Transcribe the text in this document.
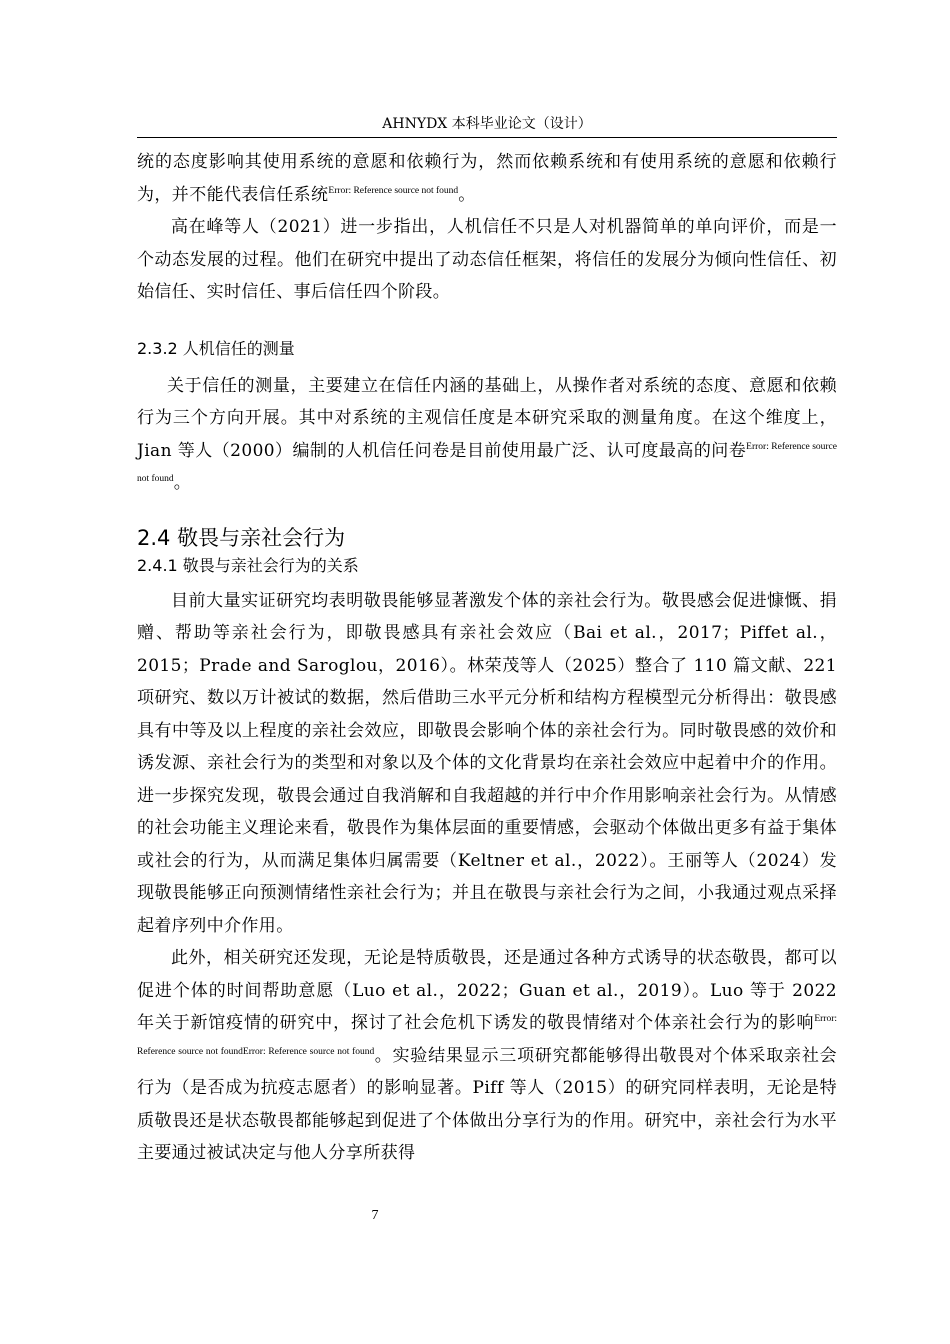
AHNYDX 本科毕业论文（设计）

统的态度影响其使用系统的意愿和依赖行为，然而依赖系统和有使用系统的意愿和依赖行为，并不能代表信任系统$^{Error: Reference source not found}$。

高在峰等人（2021）进一步指出，人机信任不只是人对机器简单的单向评价，而是一个动态发展的过程。他们在研究中提出了动态信任框架，将信任的发展分为倾向性信任、初始信任、实时信任、事后信任四个阶段。

2.3.2 人机信任的测量

关于信任的测量，主要建立在信任内涵的基础上，从操作者对系统的态度、意愿和依赖行为三个方向开展。其中对系统的主观信任度是本研究采取的测量角度。在这个维度上，Jian 等人（2000）编制的人机信任问卷是目前使用最广泛、认可度最高的问卷$^{Error: Reference source not found}$。

2.4 敬畏与亲社会行为
2.4.1 敬畏与亲社会行为的关系

目前大量实证研究均表明敬畏能够显著激发个体的亲社会行为。敬畏感会促进慷慨、捐赠、帮助等亲社会行为，即敬畏感具有亲社会效应（Bai et al.，2017；Piffet al.，2015；Prade and Saroglou，2016）。林荣茂等人（2025）整合了 110 篇文献、221 项研究、数以万计被试的数据，然后借助三水平元分析和结构方程模型元分析得出：敬畏感具有中等及以上程度的亲社会效应，即敬畏会影响个体的亲社会行为。同时敬畏感的效价和诱发源、亲社会行为的类型和对象以及个体的文化背景均在亲社会效应中起着中介的作用。进一步探究发现，敬畏会通过自我消解和自我超越的并行中介作用影响亲社会行为。从情感的社会功能主义理论来看，敬畏作为集体层面的重要情感，会驱动个体做出更多有益于集体或社会的行为，从而满足集体归属需要（Keltner et al.，2022）。王丽等人（2024）发现敬畏能够正向预测情绪性亲社会行为；并且在敬畏与亲社会行为之间，小我通过观点采择起着序列中介作用。

此外，相关研究还发现，无论是特质敬畏，还是通过各种方式诱导的状态敬畏，都可以促进个体的时间帮助意愿（Luo et al.，2022；Guan et al.，2019）。Luo 等于 2022 年关于新馆疫情的研究中，探讨了社会危机下诱发的敬畏情绪对个体亲社会行为的影响$^{Error: Reference source not foundError: Reference source not found}$。实验结果显示三项研究都能够得出敬畏对个体采取亲社会行为（是否成为抗疫志愿者）的影响显著。Piff 等人（2015）的研究同样表明，无论是特质敬畏还是状态敬畏都能够起到促进了个体做出分享行为的作用。研究中，亲社会行为水平主要通过被试决定与他人分享所获得

7
